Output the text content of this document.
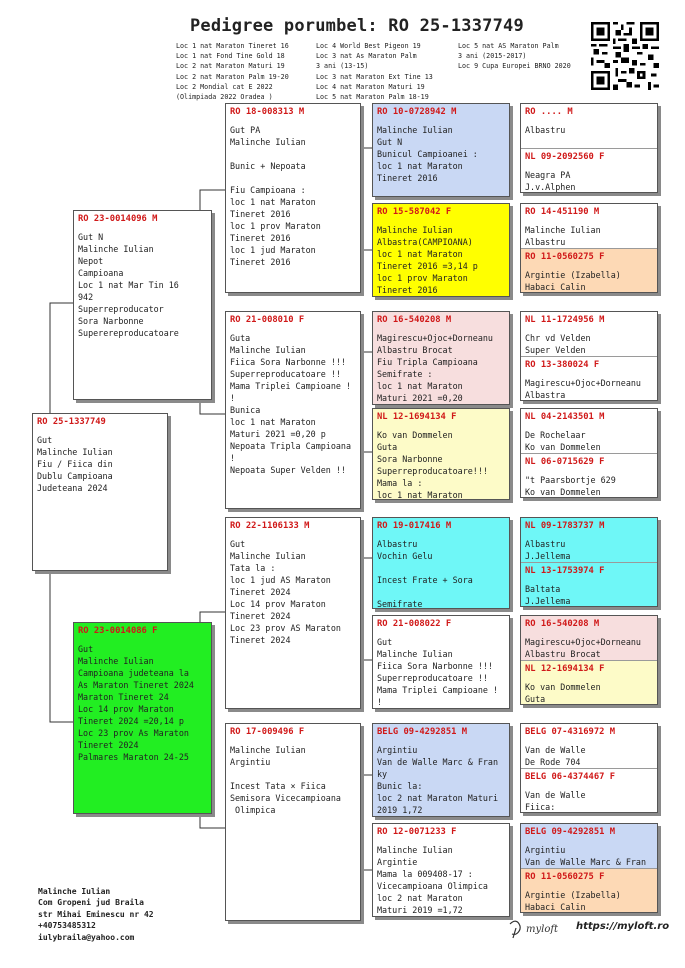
Pedigree porumbel: RO 25-1337749
Loc 1 nat Maraton Tineret 16
Loc 1 nat Fond Tine Gold 18
Loc 2 nat Maraton Maturi 19
Loc 2 nat Maraton Palm 19-20
Loc 2 Mondial cat E 2022
(Olimpiada 2022 Oradea )
Loc 4 World Best Pigeon 19
Loc 3 nat As Maraton Palm
3 ani (13-15)
Loc 3 nat Maraton Ext Tine 13
Loc 4 nat Maraton Maturi 19
Loc 5 nat Maraton Palm 18-19
Loc 5 nat AS Maraton Palm
3 ani (2015-2017)
Loc 9 Cupa Europei BRNO 2020
RO 25-1337749
Gut
Malinche Iulian
Fiu / Fiica din
Dublu Campioana
Judeteana 2024
RO 23-0014096 M
Gut N
Malinche Iulian
Nepot
Campioana
Loc 1 nat Mar Tin 16
942
Superreproducator
Sora Narbonne
Superereproducatoare
RO 23-0014086 F
Gut
Malinche Iulian
Campioana judeteana la
As Maraton Tineret 2024
Maraton Tineret 24
Loc 14 prov Maraton
Tineret 2024 =20,14 p
Loc 23 prov As Maraton
Tineret 2024
Palmares Maraton 24-25
RO 18-008313 M
Gut PA
Malinche Iulian

Bunic + Nepoata

Fiu Campioana :
loc 1 nat Maraton
Tineret 2016
loc 1 prov Maraton
Tineret 2016
loc 1 jud Maraton
Tineret 2016
RO 21-008010 F
Guta
Malinche Iulian
Fiica Sora Narbonne !!!
Superreproducatoare !!
Mama Triplei Campioane !
!
Bunica
loc 1 nat Maraton
Maturi 2021 =0,20 p
Nepoata Tripla Campioana
!
Nepoata Super Velden !!
RO 22-1106133 M
Gut
Malinche Iulian
Tata la :
loc 1 jud AS Maraton
Tineret 2024
Loc 14 prov Maraton
Tineret 2024
Loc 23 prov AS Maraton
Tineret 2024
RO 17-009496 F
Malinche Iulian
Argintiu

Incest Tata × Fiica
Semisora Vicecampioana
Olimpica
RO 10-0728942 M
Malinche Iulian
Gut N
Bunicul Campioanei :
loc 1 nat Maraton
Tineret 2016
RO 15-587042 F
Malinche Iulian
Albastra(CAMPIOANA)
loc 1 nat Maraton
Tineret 2016 =3,14 p
loc 1 prov Maraton
Tineret 2016
RO 16-540208 M
Magirescu+Ojoc+Dorneanu
Albastru Brocat
Fiu Tripla Campioana
Semifrate :
loc 1 nat Maraton
Maturi 2021 =0,20
NL 12-1694134 F
Ko van Dommelen
Guta
Sora Narbonne
Superreproducatoare!!!
Mama la :
loc 1 nat Maraton
RO 19-017416 M
Albastru
Vochin Gelu

Incest Frate + Sora

Semifrate
RO 21-008022 F
Gut
Malinche Iulian
Fiica Sora Narbonne !!!
Superreproducatoare !!
Mama Triplei Campioane !
!
BELG 09-4292851 M
Argintiu
Van de Walle Marc & Fran
ky
Bunic la:
loc 2 nat Maraton Maturi
2019 1,72
RO 12-0071233 F
Malinche Iulian
Argintie
Mama la 009408-17 :
Vicecampioana Olimpica
loc 2 nat Maraton
Maturi 2019 =1,72
RO .... M
Albastru
NL 09-2092560 F
Neagra PA
J.v.Alphen
RO 14-451190 M
Malinche Iulian
Albastru
RO 11-0560275 F
Argintie (Izabella)
Habaci Calin
NL 11-1724956 M
Chr vd Velden
Super Velden
RO 13-380024 F
Magirescu+Ojoc+Dorneanu
Albastra
NL 04-2143501 M
De Rochelaar
Ko van Dommelen
NL 06-0715629 F
"t Paarsbortje 629
Ko van Dommelen
NL 09-1783737 M
Albastru
J.Jellema
NL 13-1753974 F
Baltata
J.Jellema
RO 16-540208 M
Magirescu+Ojoc+Dorneanu
Albastru Brocat
NL 12-1694134 F
Ko van Dommelen
Guta
BELG 07-4316972 M
Van de Walle
De Rode 704
BELG 06-4374467 F
Van de Walle
Fiica:
BELG 09-4292851 M
Argintiu
Van de Walle Marc & Fran
RO 11-0560275 F
Argintie (Izabella)
Habaci Calin
Malinche Iulian
Com Gropeni jud Braila
str Mihai Eminescu nr 42
+40753485312
iulybraila@yahoo.com
myloft https://myloft.ro
